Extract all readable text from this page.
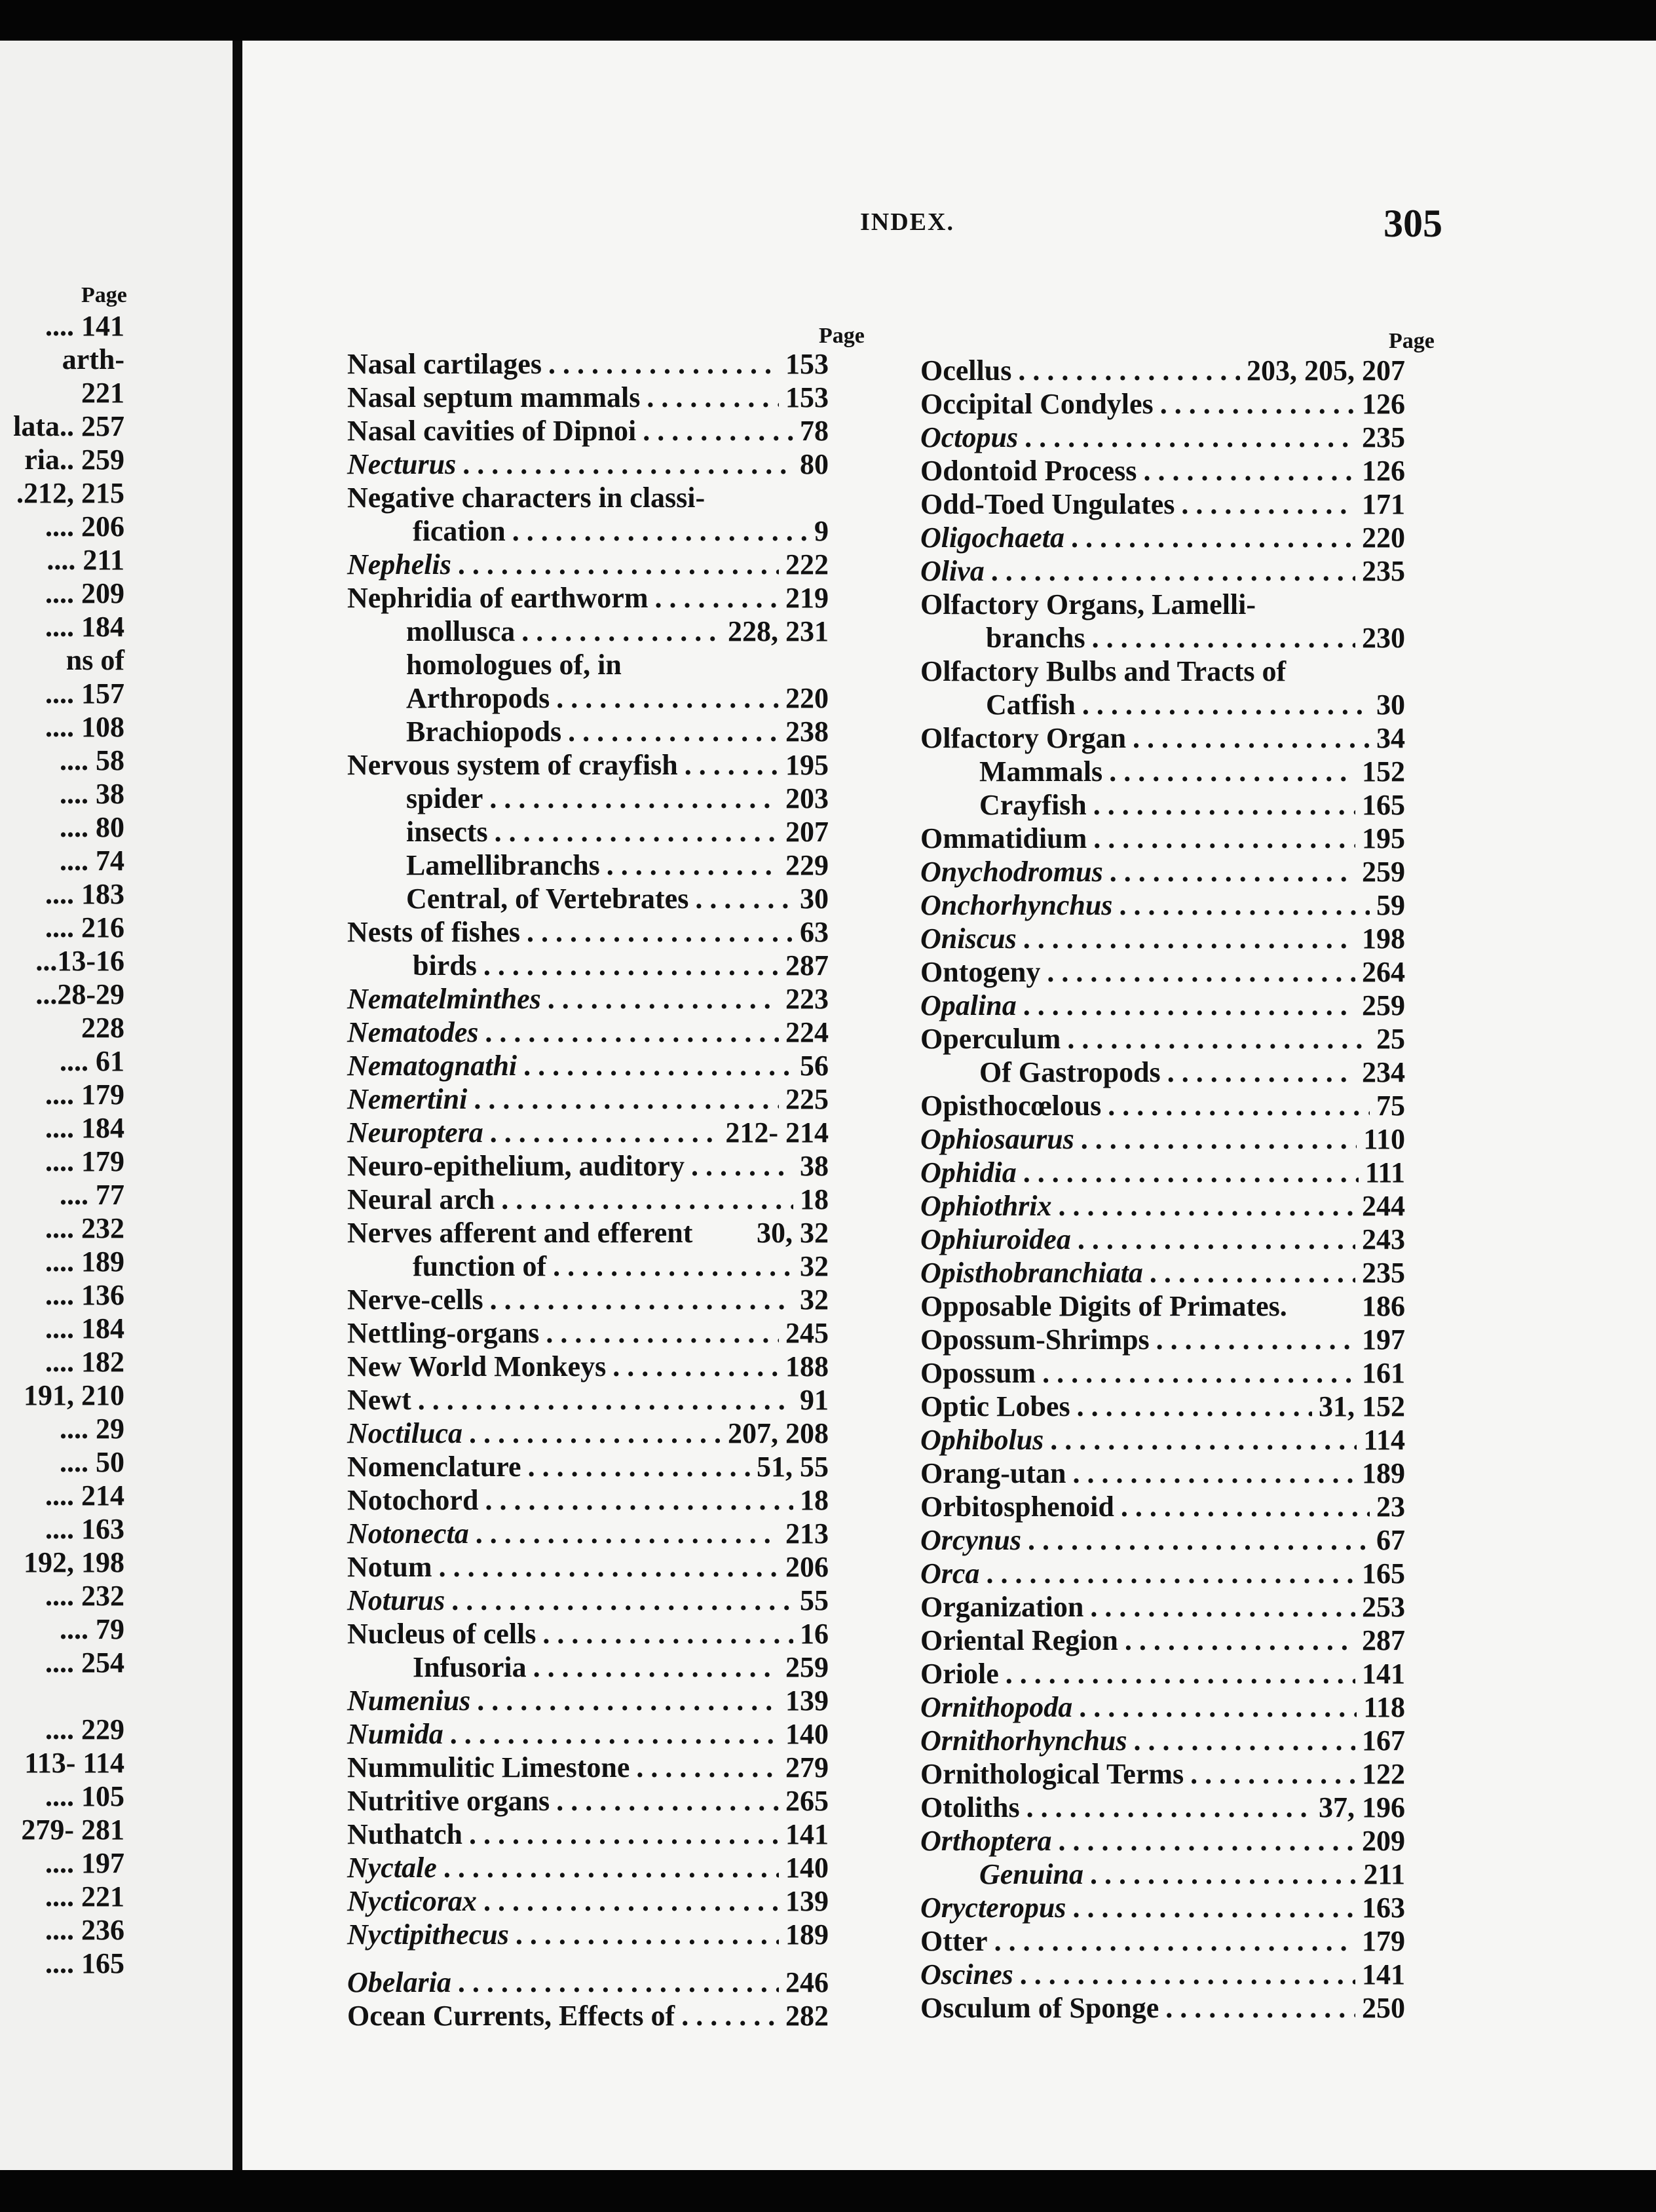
Page
.... 141
arth-
221
lata.. 257
ria.. 259
.212, 215
.... 206
.... 211
.... 209
.... 184
ns of
.... 157
.... 108
.... 58
.... 38
.... 80
.... 74
.... 183
.... 216
...13-16
...28-29
228
.... 61
.... 179
.... 184
.... 179
.... 77
.... 232
.... 189
.... 136
.... 184
.... 182
191, 210
.... 29
.... 50
.... 214
.... 163
192, 198
.... 232
.... 79
.... 254
.... 229
113- 114
.... 105
279- 281
.... 197
.... 221
.... 236
.... 165
INDEX.	305
Page
Nasal cartilages . . .	153
Nasal septum mammals . . .	153
Nasal cavities of Dipnoi . . .	78
Necturus . . .	80
Negative characters in classi-
fication . . .	9
Nephelis . . .	222
Nephridia of earthworm . . .	219
mollusca . . .	228, 231
homologues of, in
Arthropods . . .	220
Brachiopods . . .	238
Nervous system of crayfish . . .	195
spider . . .	203
insects . . .	207
Lamellibranchs . . .	229
Central, of Vertebrates . . .	30
Nests of fishes . . .	63
birds . . .	287
Nematelminthes . . .	223
Nematodes . . .	224
Nematognathi . . .	56
Nemertini . . .	225
Neuroptera . . .	212- 214
Neuro-epithelium, auditory . . .	38
Neural arch . . .	18
Nerves afferent and efferent 30, 32
function of . . .	32
Nerve-cells . . .	32
Nettling-organs . . .	245
New World Monkeys . . .	188
Newt . . .	91
Noctiluca . . .	207, 208
Nomenclature . . .	51, 55
Notochord . . .	18
Notonecta . . .	213
Notum . . .	206
Noturus . . .	55
Nucleus of cells . . .	16
Infusoria . . .	259
Numenius . . .	139
Numida . . .	140
Nummulitic Limestone . . .	279
Nutritive organs . . .	265
Nuthatch . . .	141
Nyctale . . .	140
Nycticorax . . .	139
Nyctipithecus . . .	189
Obelaria . . .	246
Ocean Currents, Effects of . . .	282
Page
Ocellus . . .	203, 205, 207
Occipital Condyles . . .	126
Octopus . . .	235
Odontoid Process . . .	126
Odd-Toed Ungulates . . .	171
Oligochaeta . . .	220
Oliva . . .	235
Olfactory Organs, Lamelli-
branchs . . .	230
Olfactory Bulbs and Tracts of
Catfish . . .	30
Olfactory Organ . . .	34
Mammals . . .	152
Crayfish . . .	165
Ommatidium . . .	195
Onychodromus . . .	259
Onchorhynchus . . .	59
Oniscus . . .	198
Ontogeny . . .	264
Opalina . . .	259
Operculum . . .	25
Of Gastropods . . .	234
Opisthocœlous . . .	75
Ophiosaurus . . .	110
Ophidia . . .	111
Ophiothrix . . .	244
Ophiuroidea . . .	243
Opisthobranchiata . . .	235
Opposable Digits of Primates.	186
Opossum-Shrimps . . .	197
Opossum . . .	161
Optic Lobes . . .	31, 152
Ophibolus . . .	114
Orang-utan . . .	189
Orbitosphenoid . . .	23
Orcynus . . .	67
Orca . . .	165
Organization . . .	253
Oriental Region . . .	287
Oriole . . .	141
Ornithopoda . . .	118
Ornithorhynchus . . .	167
Ornithological Terms . . .	122
Otoliths . . .	37, 196
Orthoptera . . .	209
Genuina . . .	211
Orycteropus . . .	163
Otter . . .	179
Oscines . . .	141
Osculum of Sponge . . .	250
